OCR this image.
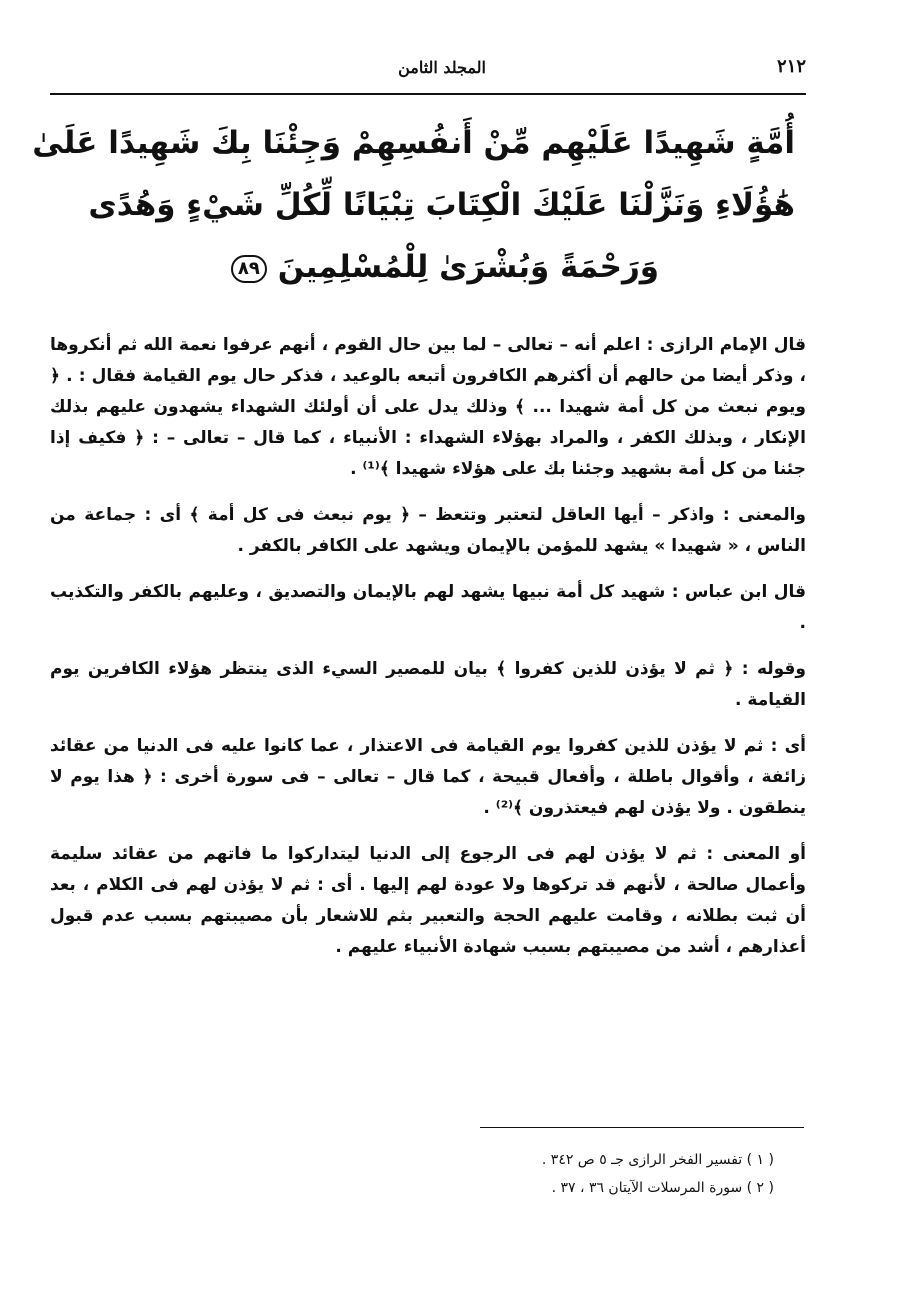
٢١٢
المجلد الثامن
أُمَّةٍ شَهِيدًا عَلَيْهِم مِّنْ أَنفُسِهِمْ وَجِئْنَا بِكَ شَهِيدًا عَلَىٰ
هَٰؤُلَاءِ وَنَزَّلْنَا عَلَيْكَ الْكِتَابَ تِبْيَانًا لِّكُلِّ شَيْءٍ وَهُدًى
وَرَحْمَةً وَبُشْرَىٰ لِلْمُسْلِمِينَ ٨٩

قال الإمام الرازى : اعلم أنه – تعالى – لما بين حال القوم ، أنهم عرفوا نعمة الله ثم أنكروها ، وذكر أيضا من حالهم أن أكثرهم الكافرون أتبعه بالوعيد ، فذكر حال يوم القيامة فقال : . ﴿ ويوم نبعث من كل أمة شهيدا ... ﴾ وذلك يدل على أن أولئك الشهداء يشهدون عليهم بذلك الإنكار ، وبذلك الكفر ، والمراد بهؤلاء الشهداء : الأنبياء ، كما قال – تعالى – : ﴿ فكيف إذا جئنا من كل أمة بشهيد وجئنا بك على هؤلاء شهيدا ﴾⁽¹⁾ .

والمعنى : واذكر – أيها العاقل لتعتبر وتتعظ – ﴿ يوم نبعث فى كل أمة ﴾ أى : جماعة من الناس ، « شهيدا » يشهد للمؤمن بالإيمان ويشهد على الكافر بالكفر .

قال ابن عباس : شهيد كل أمة نبيها يشهد لهم بالإيمان والتصديق ، وعليهم بالكفر والتكذيب .

وقوله : ﴿ ثم لا يؤذن للذين كفروا ﴾ بيان للمصير السيء الذى ينتظر هؤلاء الكافرين يوم القيامة .

أى : ثم لا يؤذن للذين كفروا يوم القيامة فى الاعتذار ، عما كانوا عليه فى الدنيا من عقائد زائفة ، وأقوال باطلة ، وأفعال قبيحة ، كما قال – تعالى – فى سورة أخرى : ﴿ هذا يوم لا ينطقون . ولا يؤذن لهم فيعتذرون ﴾⁽²⁾ .

أو المعنى : ثم لا يؤذن لهم فى الرجوع إلى الدنيا ليتداركوا ما فاتهم من عقائد سليمة وأعمال صالحة ، لأنهم قد تركوها ولا عودة لهم إليها . أى : ثم لا يؤذن لهم فى الكلام ، بعد أن ثبت بطلانه ، وقامت عليهم الحجة والتعبير بثم للاشعار بأن مصيبتهم بسبب عدم قبول أعذارهم ، أشد من مصيبتهم بسبب شهادة الأنبياء عليهم .

( ١ ) تفسير الفخر الرازى جـ ٥ ص ٣٤٢ .
( ٢ ) سورة المرسلات الآيتان ٣٦ ، ٣٧ .
